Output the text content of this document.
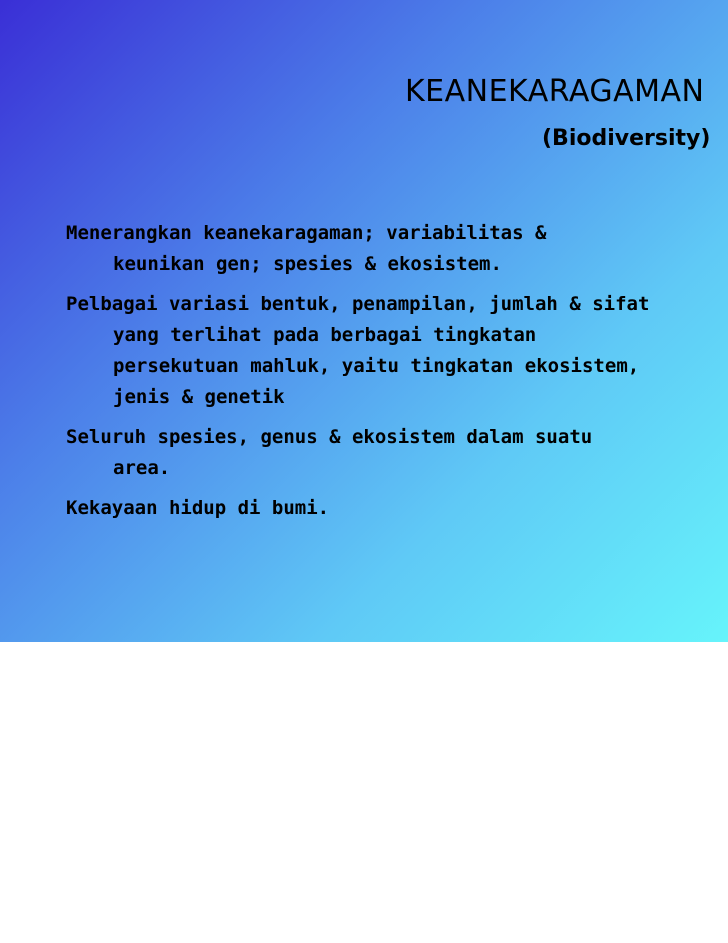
KEANEKARAGAMAN
(Biodiversity)
Menerangkan keanekaragaman; variabilitas &
keunikan gen; spesies & ekosistem.
Pelbagai variasi bentuk, penampilan, jumlah & sifat
yang terlihat pada berbagai tingkatan
persekutuan mahluk, yaitu tingkatan ekosistem,
jenis & genetik
Seluruh spesies, genus & ekosistem dalam suatu
area.
Kekayaan hidup di bumi.
